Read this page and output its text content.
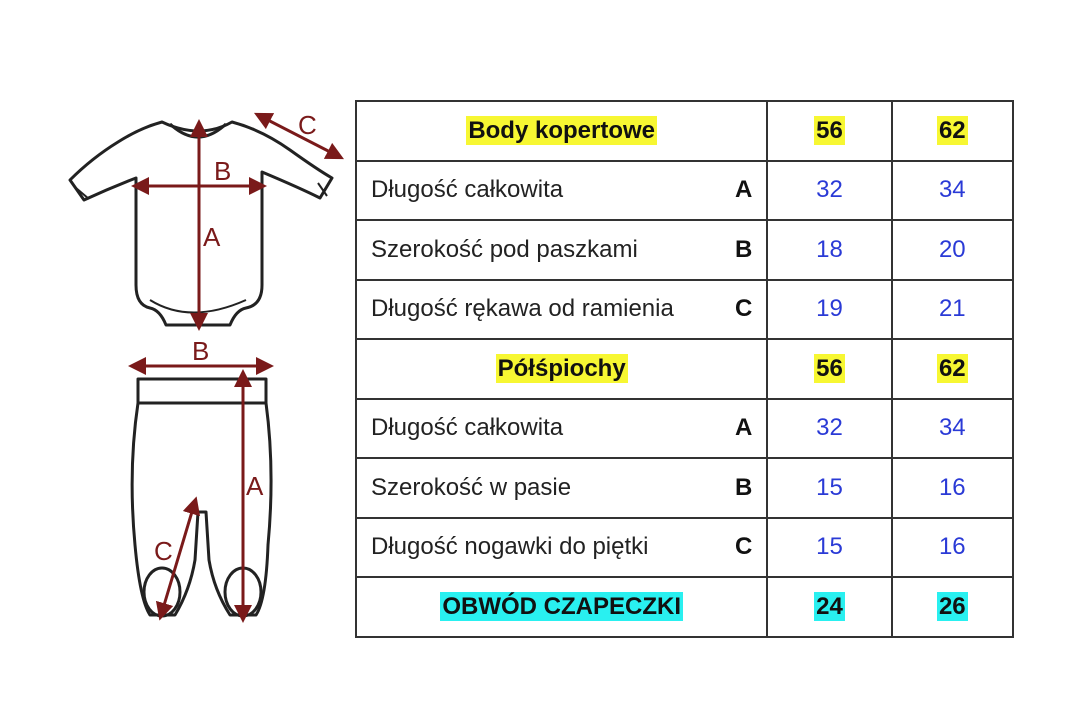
B
A
C
B
A
C
Body kopertowe	56	62

Długość całkowita A	32	34

Szerokość pod paszkami B	18	20

Długość rękawa od ramienia C	19	21
Półśpiochy	56	62

Długość całkowita A	32	34

Szerokość w pasie B	15	16

Długość nogawki do piętki C	15	16
OBWÓD CZAPECZKI	24	26
